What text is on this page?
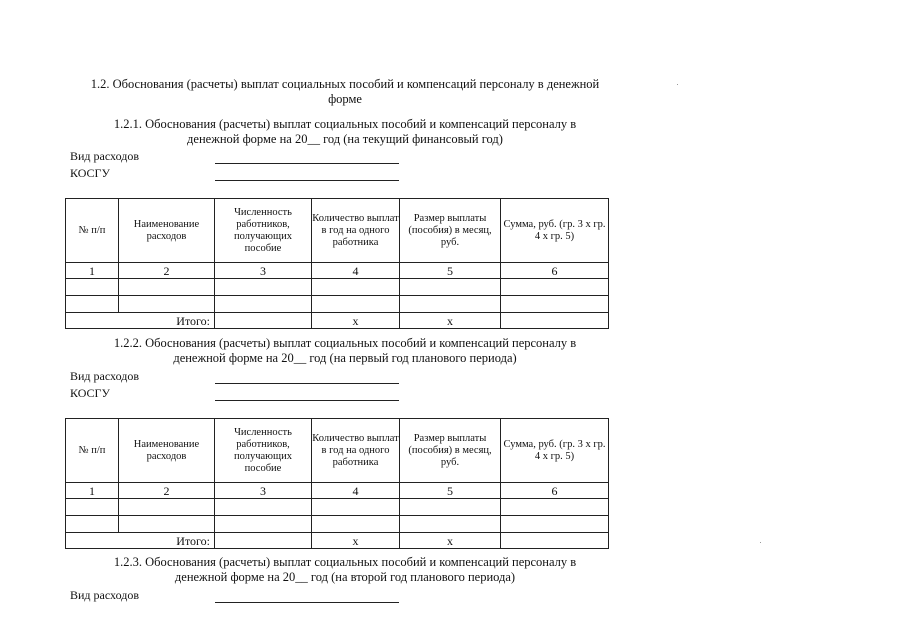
1.2. Обоснования (расчеты) выплат социальных пособий и компенсаций персоналу в денежной
форме
1.2.1. Обоснования (расчеты) выплат социальных пособий и компенсаций персоналу в
денежной форме на 20__ год (на текущий финансовый год)
Вид расходов
КОСГУ
№ п/п	Наименование расходов	Численность работников, получающих пособие	Количество выплат в год на одного работника	Размер выплаты (пособия) в месяц, руб.	Сумма, руб. (гр. 3 х гр. 4 х гр. 5)
1	2	3	4	5	6

Итого:			х	х	
1.2.2. Обоснования (расчеты) выплат социальных пособий и компенсаций персоналу в
денежной форме на 20__ год (на первый год планового периода)
Вид расходов
КОСГУ
№ п/п	Наименование расходов	Численность работников, получающих пособие	Количество выплат в год на одного работника	Размер выплаты (пособия) в месяц, руб.	Сумма, руб. (гр. 3 х гр. 4 х гр. 5)
1	2	3	4	5	6

Итого:			х	х	
1.2.3. Обоснования (расчеты) выплат социальных пособий и компенсаций персоналу в
денежной форме на 20__ год (на второй год планового периода)
Вид расходов
